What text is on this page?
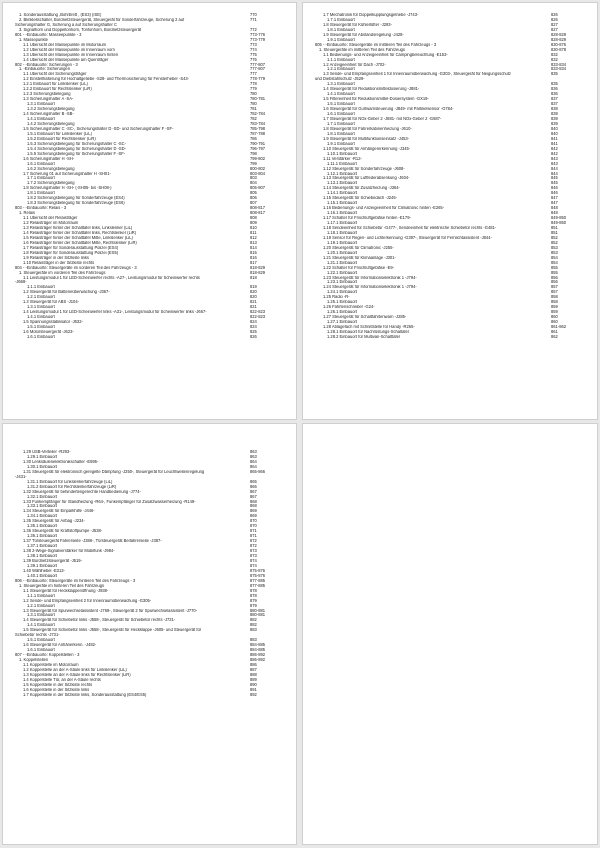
1. Sonderausstattung ,Bohrbrett , (ES3) (ISE)	770
2. Blinkleitschalter, Bordnetzsteuergerät, Steuergerät für Sonderfahrzeuge, Sicherung 2 auf	771
Sicherungshalter G, Sicherung a auf Sicherungshalter C
3. Signalhorn und Doppeltonhorn, Tonfonhorn, Bordnetzsteuergerät	772
801 - -Einbauorte: Masseepunkte - 3	773-776
1. Massepunkte	773-779
1.1 Übersicht der Massepunkte im Motorraum	773
1.2 Übersicht der Massepunkte im Innenraum vorn	774
1.3 Übersicht der Massepunkte im Innenraum hinten	775
1.4 Übersicht der Massepunkte am Quenträger	776
802 - -Einbauorte: Sicherungen - 3	777-807
1. -Einbauorte: Sicherungen	777-807
1.1 Übersicht der Sicherungsträger	777
1.2 Einstellhalterung für Hochaltgetiebe -S28- und Thermosicherung für Fensterheber -S43-	778-779
1.2.1 Einbauort für Linkslenker (LiL)	778
1.2.2 Einbauort für Rechtslenker (LiR)	779
1.2.3 Sicherungsbelegung	780
1.3 Sicherungshalter A -SA-	780-781
1.3.1 Einbauort	780
1.3.2 Sicherungsbelegung	781
1.4 Sicherungshalter B -SB-	782-784
1.4.1 Einbauort	782
1.4.2 Sicherungsbelegung	783-784
1.5 Sicherungshalter C -SC-, Sicherungshalter D -SD- und Sicherungshalter F -SF-	785-798
1.5.1 Einbauort für Linkslenker (LiL)	787-788
1.5.2 Einbauort für Rechtslenker (LiR)	786
1.5.3 Sicherungsbelegung für Sicherungshalter C -SC-	790-791
1.5.4 Sicherungsbelegung für Sicherungshalter D -SD-	796-797
1.5.5 Sicherungsbelegung für Sicherungshalter F -SF-	798
1.6 Sicherungshalter H -SH-	799-802
1.6.1 Einbauort	799
1.6.2 Sicherungsbelegung	800-802
1.7 Sicherung 01 auf Sicherungshalter H -SH01-	803-804
1.7.1 Einbauort	803
1.7.2 Sicherungsbelegung	804
1.8 Sicherungshalter H -SH- (-SH05- bis -SH08-)	805-807
1.8.1 Einbauort	805
1.8.2 Sicherungsbelegung für Sonderfahrzeuge (ES4)	806
1.8.3 Sicherungsbelegung für Sonderfahrzeuge (ES6)	807
803 - -Einbauorte: Relais - 3	808-817
1. Relais	808-817
1.1 Übersicht der Relaisträger	808
1.2 Relaisträger im Motorraum	809
1.3 Relaisträger hinter der Schalttafel links, Linkslenker (LiL)	810
1.4 Relaisträger hinter der Schalttafel links, Rechtslenker (LiR)	811
1.5 Relaisträger hinter der Schalttafel Mitte, Linkslenker (LiL)	812
1.6 Relaisträger hinter der Schalttafel Mitte, Rechtslenker (LiR)	813
1.7 Relaisträger für Sonderausstattung Polizei (ES4)	814
1.8 Relaisträger für Sonderausstattung Polizei (ES5)	815
1.9 Relaisträger in der Sitzkiste links	816
1.10 Relaisträger in der Sitzkiste rechts	817
804 - -Einbauorte: Steuergeräte im vorderen Teil des Fahrzeugs - 3	818-829
1. Steuergeräte im vorderen Teil des Fahrzeugs	818-829
1.1 Leistungsmodul 1 für LED-Scheinwerfer rechts -A27-, Leistungsmodul für Scheinwerfer rechts	818
-J668-
1.1.1 Einbauort	819
1.2 Steuergerät für Batterieüberwachung -J367-	820
1.2.1 Einbauort	820
1.3 Steuergerät für ABS -J104-	821
1.3.1 Einbauort	821
1.4 Leistungsmodul 1 für LED-Scheinwerfer links -A31-, Leistungsmodul für Scheinwerfer links -J667-	822-823
1.4.1 Einbauort	822-823
1.5 Spannungsstabilisator -J532-	824
1.5.1 Einbauort	824
1.6 Motorsteuergerät -J623-	825
1.6.1 Einbauort	826
1.7 Mechatronik für Doppelkupplungsgetriebe -J743-	826
1.7.1 Einbauort	826
1.8 Steuergerät für Kühlerlüfter -J293-	827
1.8.1 Einbauort	827
1.9 Steuergerät für Abstandsregelung -J428-	828-829
1.9.1 Einbauort	828-829
805 - -Einbauorte: Steuergeräte im mittleren Teil des Fahrzeugs - 3	830-876
1. Steuergeräte im mittleren Teil des Fahrzeugs	830-878
1.1 Bedienungs- und Anzeigeeinheit für Campingbeleuchtung -E153-	832
1.1.1 Einbauort	832
1.2 Anzeigeeinheit für Dach -J702-	833-834
1.2.1 Einbauort	833-834
1.3 Sende- und Empfangseinheit 1 für Innenraumüberwachung -G303-, Steuergerät für Neigungsschutz	835
und Diebstahlschutz -J529-
1.3.1 Einbauort	835
1.4 Steuergerät für Reduktionsmitteldosierung -J881-	836
1.4.1 Einbauort	836
1.5 Filtereinheit für Reduktionsmittel-Dosiersystem -GX19-	837
1.5.1 Einbauort	837
1.6 Steuergerät für Gurtwarnsteuerung -J849- mit Partikelsensor -G784-	838
1.6.1 Einbauort	838
1.7 Steuergerät für NOx-Geber 2 -J881- mit NOx-Geber 2 -G687-	839
1.7.1 Einbauort	839
1.8 Steuergerät für Fahrerkabinenheizung -J610-	840
1.8.1 Einbauort	840
1.9 Steuergerät für Multifunktionseinsatz -J453-	841
1.9.1 Einbauort	841
1.10 Steuergerät für Anhängererkennung -J345-	842
1.10.1 Einbauort	842
1.11 Verstärker -R12-	843
1.11.1 Einbauort	843
1.12 Steuergerät für Sonderfahrzeuge -J608-	844
1.12.1 Einbauort	844
1.13 Steuergerät für Luftfederabsenkung -J604-	845
1.13.1 Einbauort	845
1.14 Steuergerät für Zusatzheizung -J364-	846
1.14.1 Einbauort	846
1.15 Steuergerät für Schiebedach -J245-	847
1.15.1 Einbauort	847
1.16 Bedienungs- und Anzeigeeinheit für Climatronic hinten -E265-	848
1.16.1 Einbauort	848
1.17 Schalter für Frischluftgebläse hinten -E179-	849-850
1.17.1 Einbauort	849-850
1.18 Sendeeinheit für Schiebetür -G477-, Sendeeinheit für elektrische Schiebetür rechts -G481-	851
1.18.1 Einbauort	851
1.19 Sensor für Regen- und Lichterkennung -G397-, Steuergerät für Fernlichtassistent -J844-	852
1.19.1 Einbauort	852
1.20 Steuergerät für Climatronic -J255-	853
1.20.1 Einbauort	853
1.21 Steuergerät für Klimaanlage -J301-	854
1.21.1 Einbauort	854
1.22 Schalter für Frischluftgebläse -E9-	855
1.22.1 Einbauort	855
1.23 Steuergerät für Informationselektronik 1 -J794-	856
1.23.1 Einbauort	856
1.24 Steuergerät für Informationselektronik 1 -J794-	857
1.24.1 Einbauort	857
1.25 Radio -R-	858
1.25.1 Einbauort	858
1.26 Fahrtenschreiber -G24-	859
1.26.1 Einbauort	859
1.27 Steuergerät für Schaltfahrtenwarn -J285-	860
1.27.1 Einbauort	860
1.28 Ablagefach mit Schnittstelle für Handy -R265-	861-862
1.28.1 Einbauort für Nachrüstungs-Schaltafel	861
1.28.2 Einbauort für Multivan-Schalttafel	862
1.29 USB-Verteiler -R293-	863
1.29.1 Einbauort	863
1.30 Lenksäulenelektronikschalter -E595-	864
1.30.1 Einbauort	864
1.31 Steuergerät für elektronisch geregelte Dämpfung -J250-, Steuergerät für Leuchtweitenregelung	865-866
-J431-
1.31.1 Einbauort für Linkslenkerfahrzeuge (LiL)	865
1.31.2 Einbauort für Rechtslenkerfahrzeuge (LiR)	866
1.32 Steuergerät für behindertengerechte Handbedienung -J774-	867
1.32.1 Einbauort	867
1.33 Funkempfänger für Standheizung -R64-, Funkempfänger für Zusatzwasserheizung -R149-	868
1.33.1 Einbauort	868
1.34 Steuergerät für Einparkhilfe -J446-	869
1.34.1 Einbauort	869
1.35 Steuergerät für Airbag -J234-	870
1.35.1 Einbauort	870
1.36 Steuergerät für Kraftstoffpumpe -J538-	871
1.36.1 Einbauort	871
1.37 Türsteuergerät Fahrerseite -J386-, Türsteuergerät Beifahrerseite -J387-	872
1.37.1 Einbauort	872
1.38 2-Wege-Signalverstärker für Mobilfunk -J984-	873
1.38.1 Einbauort	873
1.39 Bordnetzsteuergerät -J519-	874
1.39.1 Einbauort	874
1.40 Wählhebel -E313-	875-876
1.40.1 Einbauort	875-876
806 - -Einbauorte: Steuergeräte im hinteren Teil des Fahrzeugs - 3	877-885
1. Steuergeräte im hinteren Teil des Fahrzeugs	877-885
1.1 Steuergerät für Heckklappenöffnung -J938-	878
1.1.1 Einbauort	878
1.2 Sende- und Empfangseinheit 2 für Innenraumüberwachung -G305-	879
1.2.1 Einbauort	879
1.3 Steuergerät für Spurwechselassistent -J769-, Steuergerät 2 für Spurwechselassistent -J770-	880-881
1.3.1 Einbauort	880-881
1.4 Steuergerät für Schiebetür links -J558-, Steuergerät für Schiebetür rechts -J731-	882
1.4.1 Einbauort	882
1.5 Steuergerät für Schiebetür links -J558-, Steuergerät für Heckklappe -J605- und Steuergerät für	883
Schiebetür rechts -J731-
1.5.1 Einbauort	883
1.6 Steuergerät für Anhänerkenn. -J482-	884-885
1.6.1 Einbauort	884-885
807 - -Einbauorte: Koppelstellen - 3	886-892
1. Koppelstellen	886-892
1.1 Koppelstelle im Motorraum	886
1.2 Koppelstelle an der A-Säule links für Linkslenker (LiL)	887
1.3 Koppelstelle an der A-Säule links für Rechtslenker (LiR)	888
1.4 Koppelstelle Tür, an der A-Säule rechts	889
1.5 Koppelstelle in der Sitzkiste rechts	890
1.6 Koppelstelle in der Sitzkiste links	891
1.7 Koppelstelle in der Sitzkiste links, Sonderausstattung (ES4/ES5)	892
